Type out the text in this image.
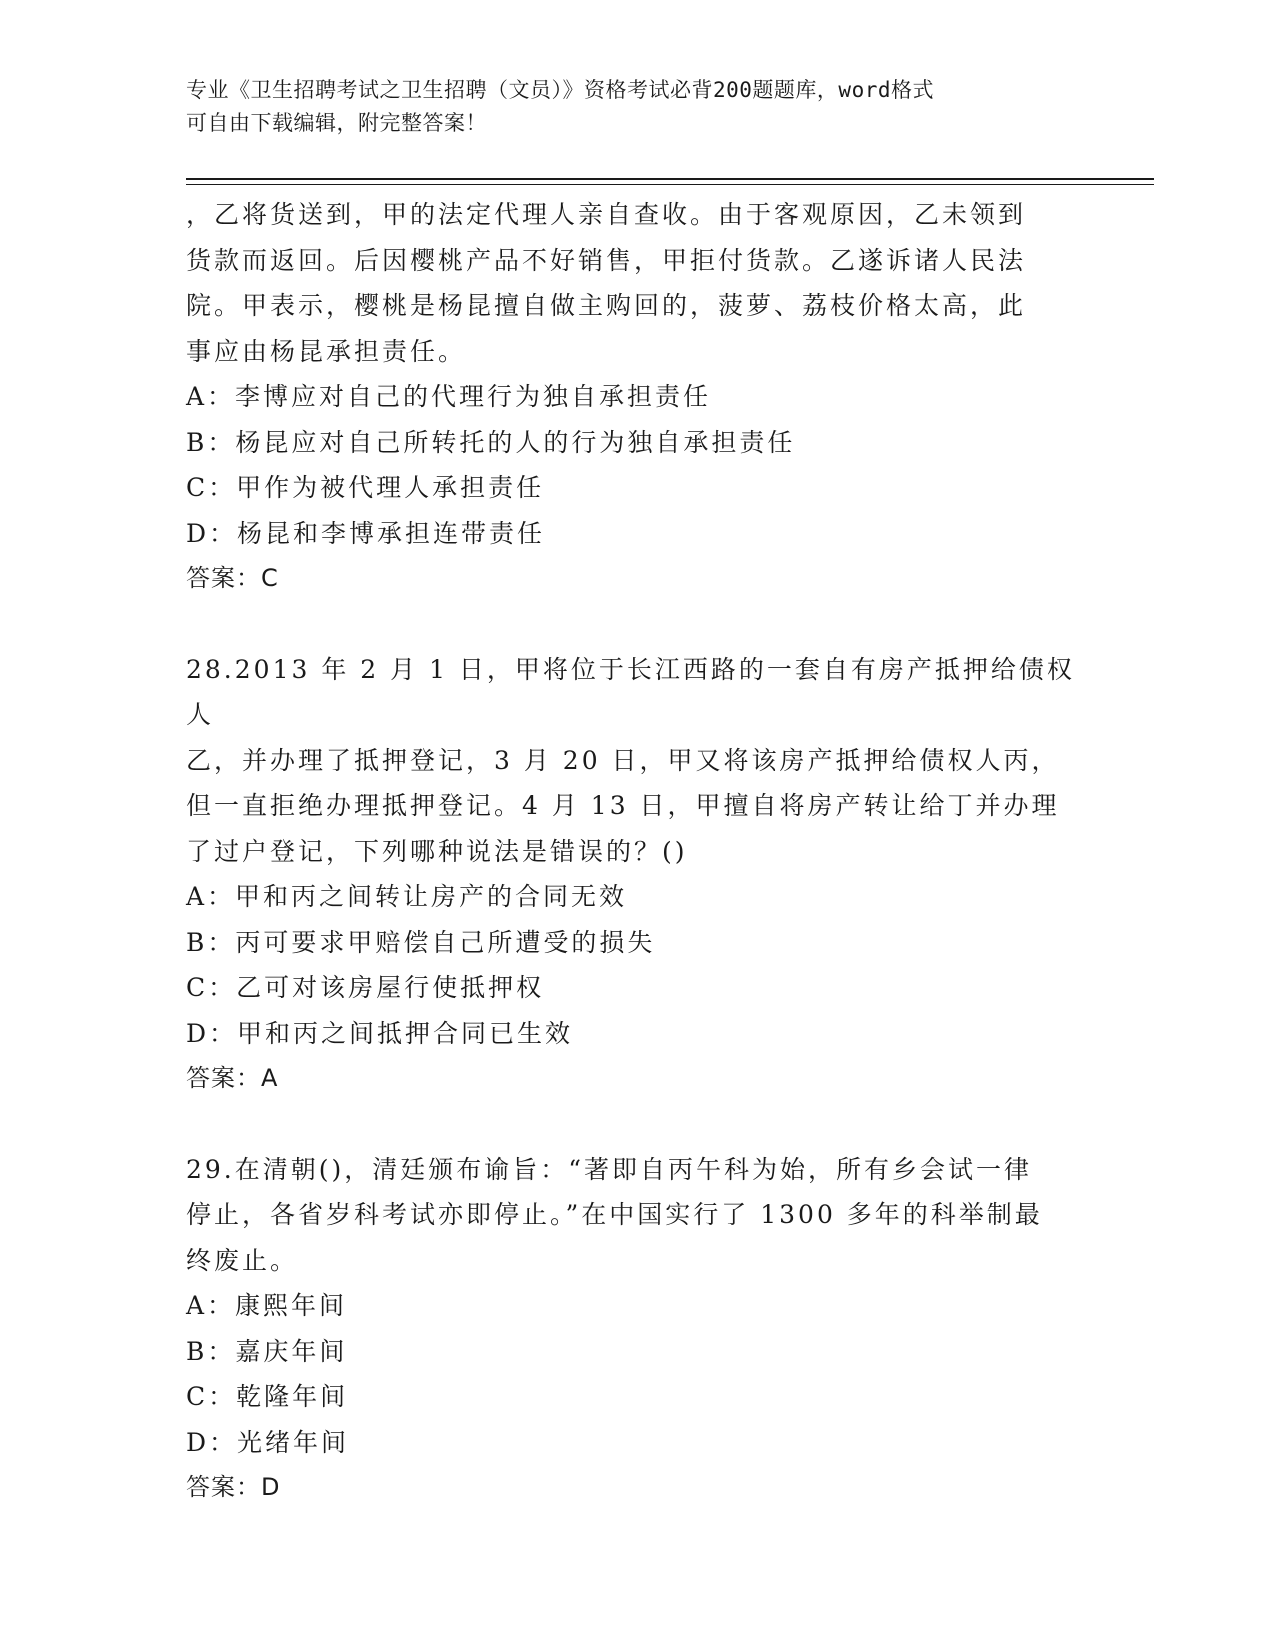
专业《卫生招聘考试之卫生招聘（文员）》资格考试必背200题题库，word格式
可自由下载编辑，附完整答案！

，乙将货送到，甲的法定代理人亲自查收。由于客观原因，乙未领到

货款而返回。后因樱桃产品不好销售，甲拒付货款。乙遂诉诸人民法

院。甲表示，樱桃是杨昆擅自做主购回的，菠萝、荔枝价格太高，此

事应由杨昆承担责任。

A：李博应对自己的代理行为独自承担责任

B：杨昆应对自己所转托的人的行为独自承担责任

C：甲作为被代理人承担责任

D：杨昆和李博承担连带责任

答案：C

28.2013 年 2 月 1 日，甲将位于长江西路的一套自有房产抵押给债权人

乙，并办理了抵押登记，3 月 20 日，甲又将该房产抵押给债权人丙，

但一直拒绝办理抵押登记。4 月 13 日，甲擅自将房产转让给丁并办理

了过户登记，下列哪种说法是错误的？()

A：甲和丙之间转让房产的合同无效

B：丙可要求甲赔偿自己所遭受的损失

C：乙可对该房屋行使抵押权

D：甲和丙之间抵押合同已生效

答案：A

29.在清朝()，清廷颁布谕旨：“著即自丙午科为始，所有乡会试一律

停止，各省岁科考试亦即停止。”在中国实行了 1300 多年的科举制最

终废止。

A：康熙年间

B：嘉庆年间

C：乾隆年间

D：光绪年间

答案：D
